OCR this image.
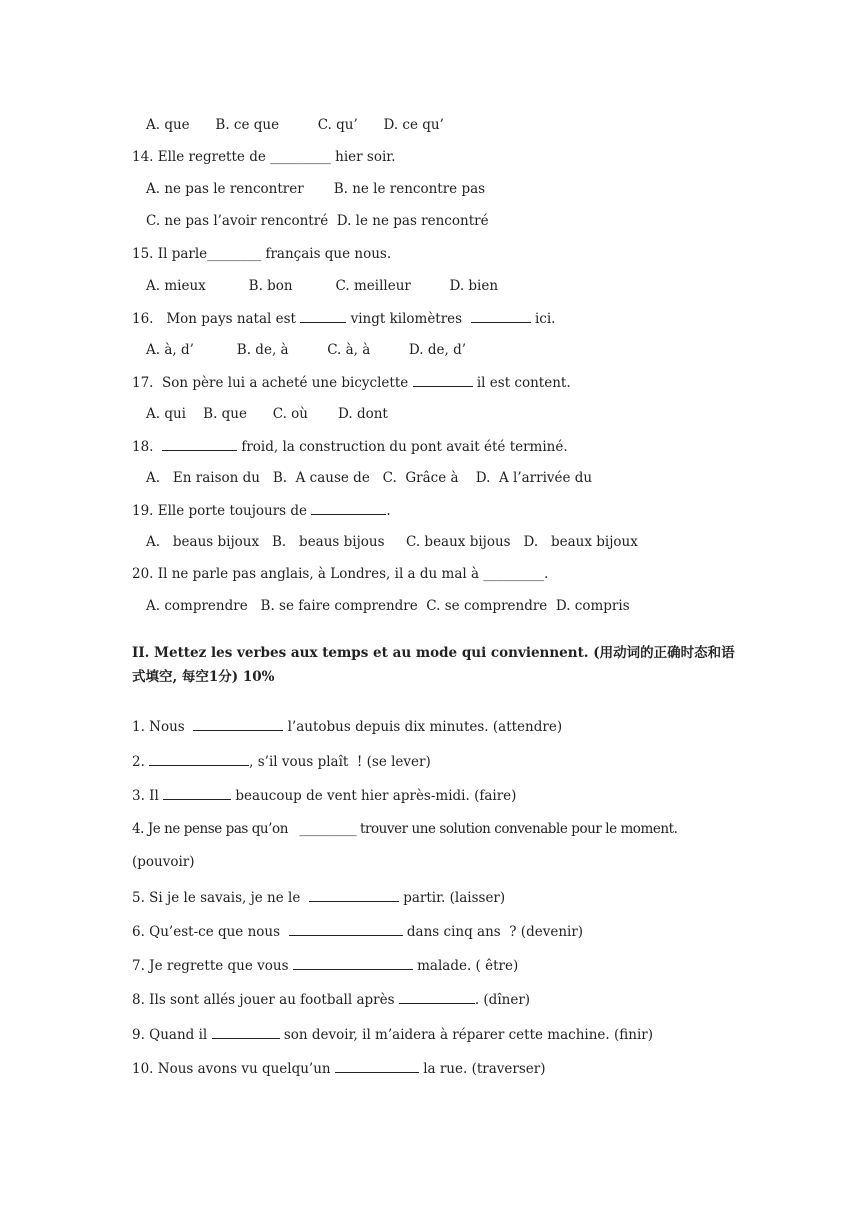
A. que      B. ce que         C. qu’      D. ce qu’
14. Elle regrette de _________ hier soir.
A. ne pas le rencontrer       B. ne le rencontre pas
C. ne pas l’avoir rencontré  D. le ne pas rencontré
15. Il parle________ français que nous.
A. mieux          B. bon          C. meilleur         D. bien
16.   Mon pays natal est	vingt kilomètres	ici.
A. à, d’          B. de, à         C. à, à         D. de, d’
17.  Son père lui a acheté une bicyclette	il est content.
A. qui    B. que      C. où       D. dont
18.	froid, la construction du pont avait été terminé.
A.   En raison du   B.  A cause de   C.  Grâce à    D.  A l’arrivée du
19. Elle porte toujours de	.
A.   beaus bijoux   B.   beaus bijous     C. beaux bijous   D.   beaux bijoux
20. Il ne parle pas anglais, à Londres, il a du mal à _________.
A. comprendre   B. se faire comprendre  C. se comprendre  D. compris
II. Mettez les verbes aux temps et au mode qui conviennent. (用动词的正确时态和语式填空, 每空1分) 10%
1. Nous	l’autobus depuis dix minutes. (attendre)
2.	, s’il vous plaît  ! (se lever)
3. Il	beaucoup de vent hier après-midi. (faire)
4. Je ne pense pas qu’on   _________ trouver une solution convenable pour le moment.
(pouvoir)
5. Si je le savais, je ne le	partir. (laisser)
6. Qu’est-ce que nous	dans cinq ans  ? (devenir)
7. Je regrette que vous	malade. ( être)
8. Ils sont allés jouer au football après	. (dîner)
9. Quand il	son devoir, il m’aidera à réparer cette machine. (finir)
10. Nous avons vu quelqu’un	la rue. (traverser)
